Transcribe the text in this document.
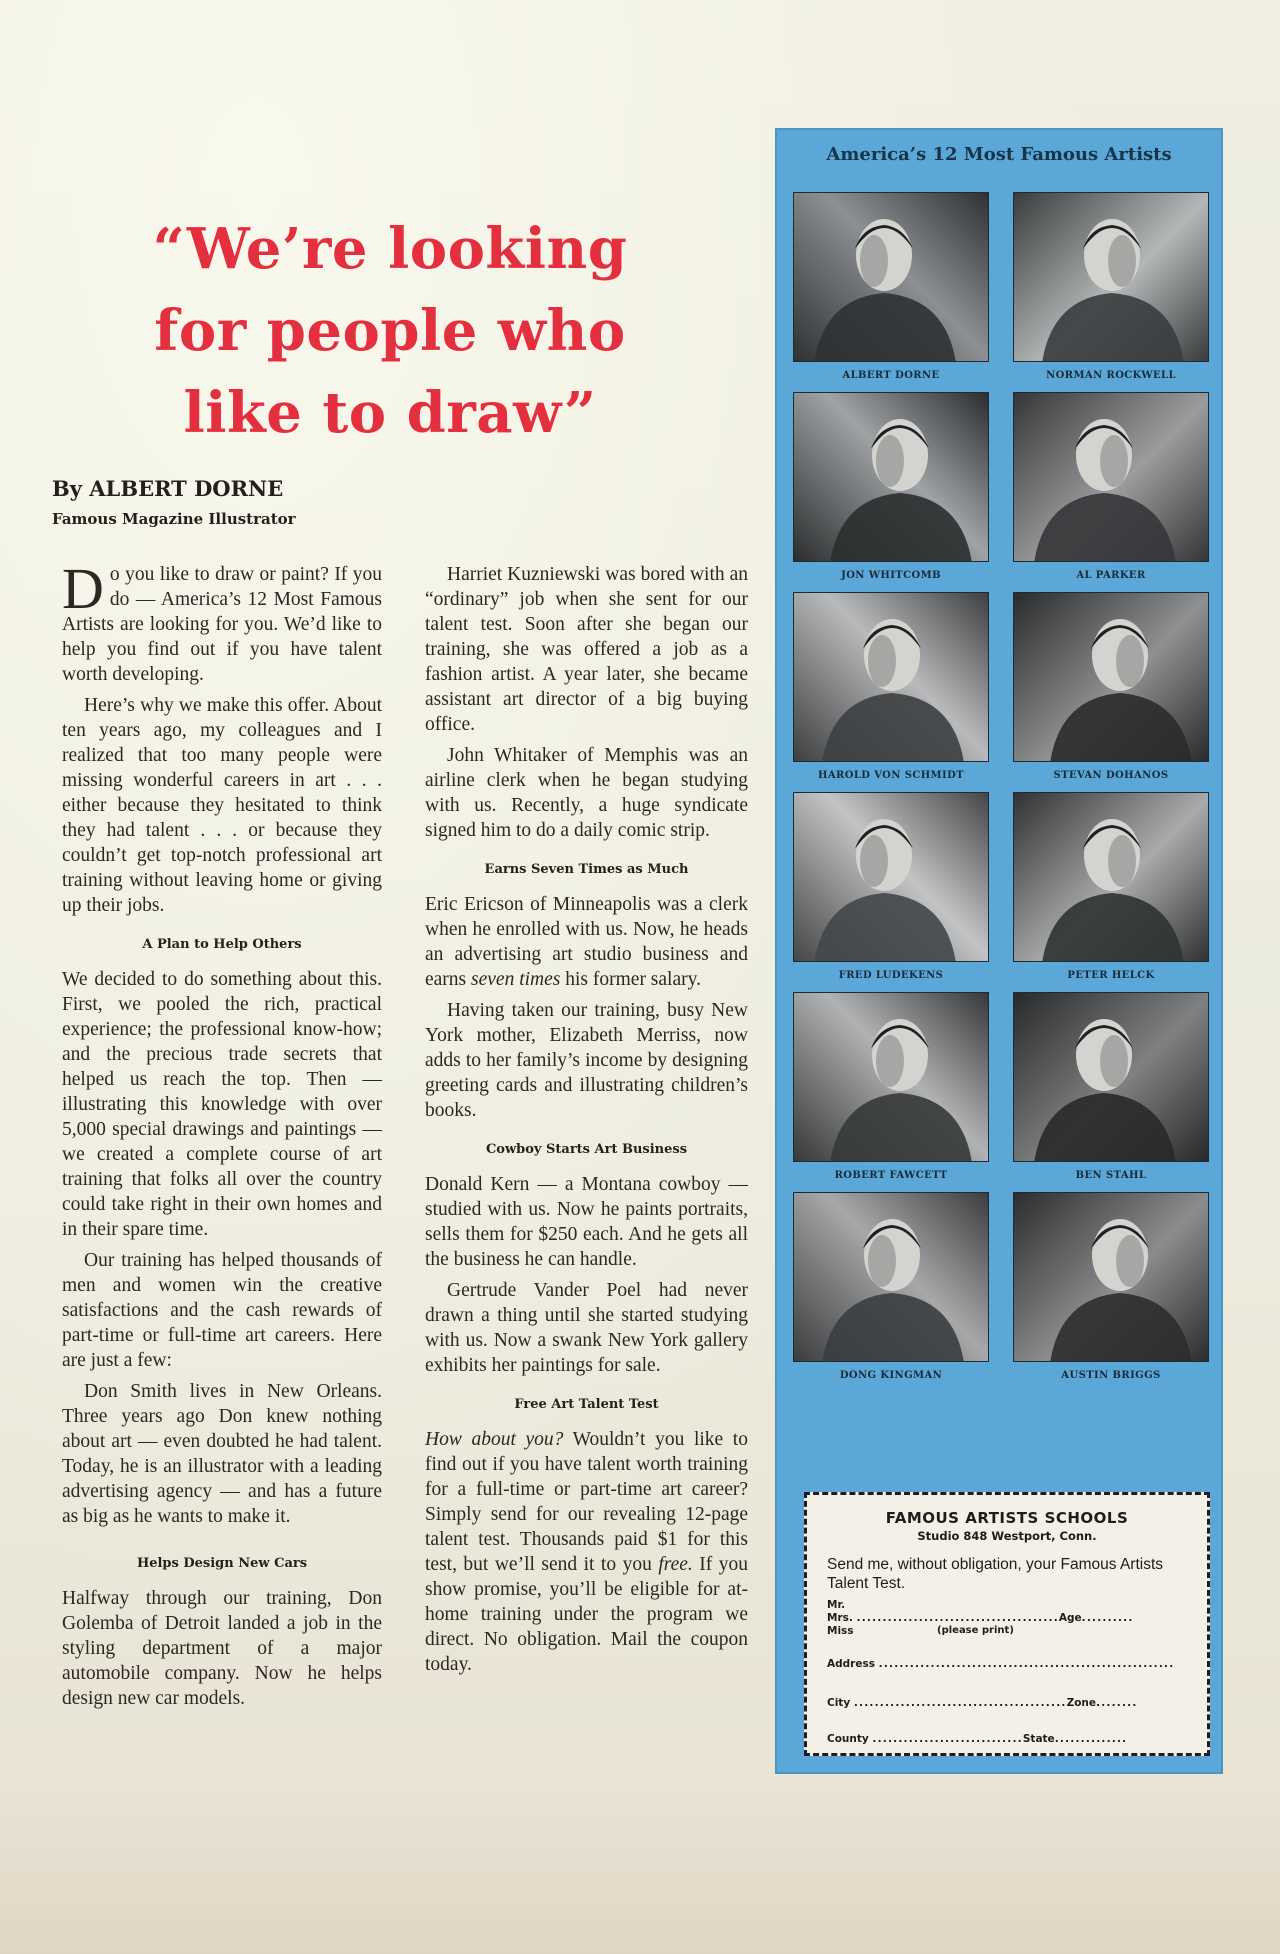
“We’re looking
for people who
like to draw”
By ALBERT DORNE
Famous Magazine Illustrator

Do you like to draw or paint? If you do — America’s 12 Most Famous Artists are looking for you. We’d like to help you find out if you have talent worth developing.

Here’s why we make this offer. About ten years ago, my colleagues and I realized that too many people were missing wonderful careers in art . . . either because they hesitated to think they had talent . . . or because they couldn’t get top-notch professional art training without leaving home or giving up their jobs.

A Plan to Help Others

We decided to do something about this. First, we pooled the rich, practical experience; the professional know-how; and the precious trade secrets that helped us reach the top. Then — illustrating this knowledge with over 5,000 special drawings and paintings — we created a complete course of art training that folks all over the country could take right in their own homes and in their spare time.

Our training has helped thousands of men and women win the creative satisfactions and the cash rewards of part-time or full-time art careers. Here are just a few:

Don Smith lives in New Orleans. Three years ago Don knew nothing about art — even doubted he had talent. Today, he is an illustrator with a leading advertising agency — and has a future as big as he wants to make it.

Helps Design New Cars

Halfway through our training, Don Golemba of Detroit landed a job in the styling department of a major automobile company. Now he helps design new car models.

Harriet Kuzniewski was bored with an “ordinary” job when she sent for our talent test. Soon after she began our training, she was offered a job as a fashion artist. A year later, she became assistant art director of a big buying office.

John Whitaker of Memphis was an airline clerk when he began studying with us. Recently, a huge syndicate signed him to do a daily comic strip.

Earns Seven Times as Much

Eric Ericson of Minneapolis was a clerk when he enrolled with us. Now, he heads an advertising art studio business and earns seven times his former salary.

Having taken our training, busy New York mother, Elizabeth Merriss, now adds to her family’s income by designing greeting cards and illustrating children’s books.

Cowboy Starts Art Business

Donald Kern — a Montana cowboy — studied with us. Now he paints portraits, sells them for $250 each. And he gets all the business he can handle.

Gertrude Vander Poel had never drawn a thing until she started studying with us. Now a swank New York gallery exhibits her paintings for sale.

Free Art Talent Test

How about you? Wouldn’t you like to find out if you have talent worth training for a full-time or part-time art career? Simply send for our revealing 12-page talent test. Thousands paid $1 for this test, but we’ll send it to you free. If you show promise, you’ll be eligible for at-home training under the program we direct. No obligation. Mail the coupon today.

America’s 12 Most Famous Artists
ALBERT DORNE	NORMAN ROCKWELL
JON WHITCOMB	AL PARKER
HAROLD VON SCHMIDT	STEVAN DOHANOS
FRED LUDEKENS	PETER HELCK
ROBERT FAWCETT	BEN STAHL
DONG KINGMAN	AUSTIN BRIGGS
FAMOUS ARTISTS SCHOOLS
Studio 848 Westport, Conn.
Send me, without obligation, your Famous Artists Talent Test.
Mr.
Mrs. .......................................Age..........
Miss	(please print)
Address .........................................................
City .........................................Zone........
County .............................State..............
